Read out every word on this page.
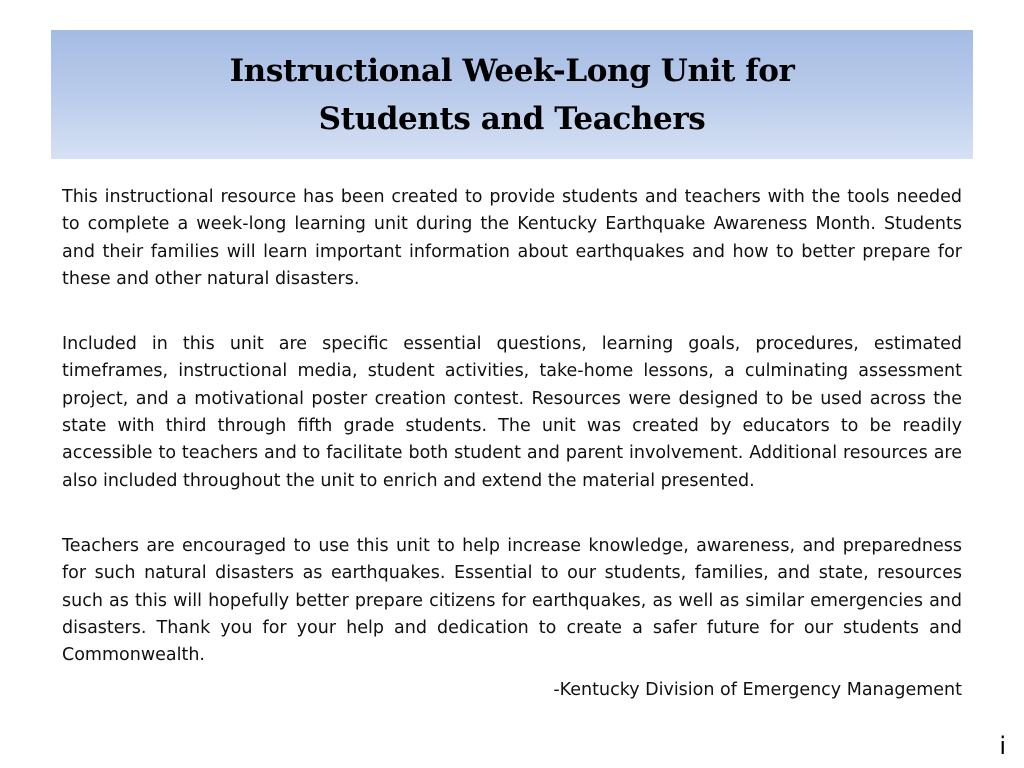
Instructional Week-Long Unit for
Students and Teachers

This instructional resource has been created to provide students and teachers with the tools needed to complete a week-long learning unit during the Kentucky Earthquake Awareness Month. Students and their families will learn important information about earthquakes and how to better prepare for these and other natural disasters.

Included in this unit are specific essential questions, learning goals, procedures, estimated timeframes, instructional media, student activities, take-home lessons, a culminating assessment project, and a motivational poster creation contest. Resources were designed to be used across the state with third through fifth grade students. The unit was created by educators to be readily accessible to teachers and to facilitate both student and parent involvement. Additional resources are also included throughout the unit to enrich and extend the material presented.

Teachers are encouraged to use this unit to help increase knowledge, awareness, and preparedness for such natural disasters as earthquakes. Essential to our students, families, and state, resources such as this will hopefully better prepare citizens for earthquakes, as well as similar emergencies and disasters. Thank you for your help and dedication to create a safer future for our students and Commonwealth.

-Kentucky Division of Emergency Management

i
